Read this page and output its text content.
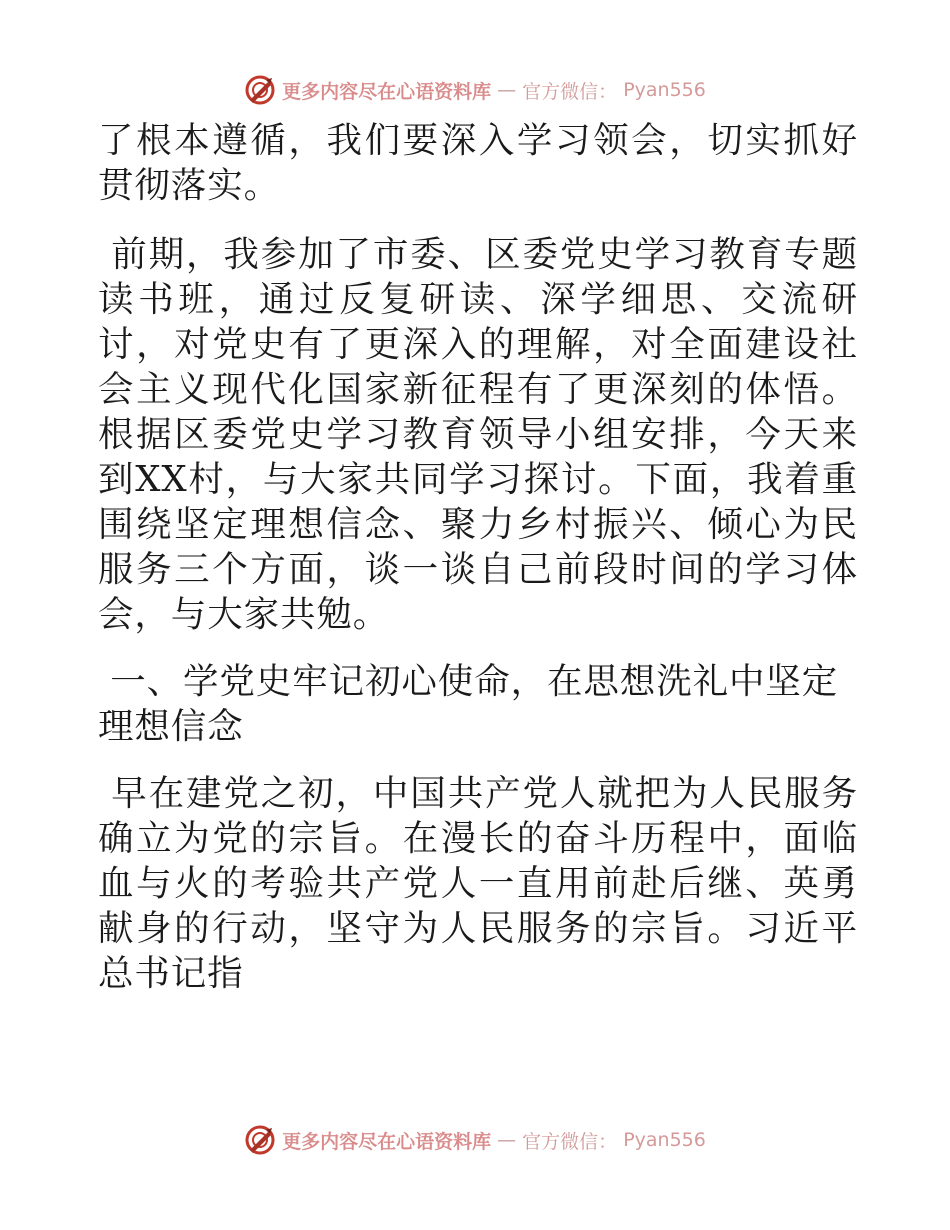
更多内容尽在心语资料库 — 官方微信： Pyan556

了根本遵循，我们要深入学习领会，切实抓好贯彻落实。

前期，我参加了市委、区委党史学习教育专题读书班，通过反复研读、深学细思、交流研讨，对党史有了更深入的理解，对全面建设社会主义现代化国家新征程有了更深刻的体悟。根据区委党史学习教育领导小组安排，今天来到XX村，与大家共同学习探讨。下面，我着重围绕坚定理想信念、聚力乡村振兴、倾心为民服务三个方面，谈一谈自己前段时间的学习体会，与大家共勉。

一、学党史牢记初心使命，在思想洗礼中坚定理想信念

早在建党之初，中国共产党人就把为人民服务确立为党的宗旨。在漫长的奋斗历程中，面临血与火的考验共产党人一直用前赴后继、英勇献身的行动，坚守为人民服务的宗旨。习近平总书记指

更多内容尽在心语资料库 — 官方微信： Pyan556
